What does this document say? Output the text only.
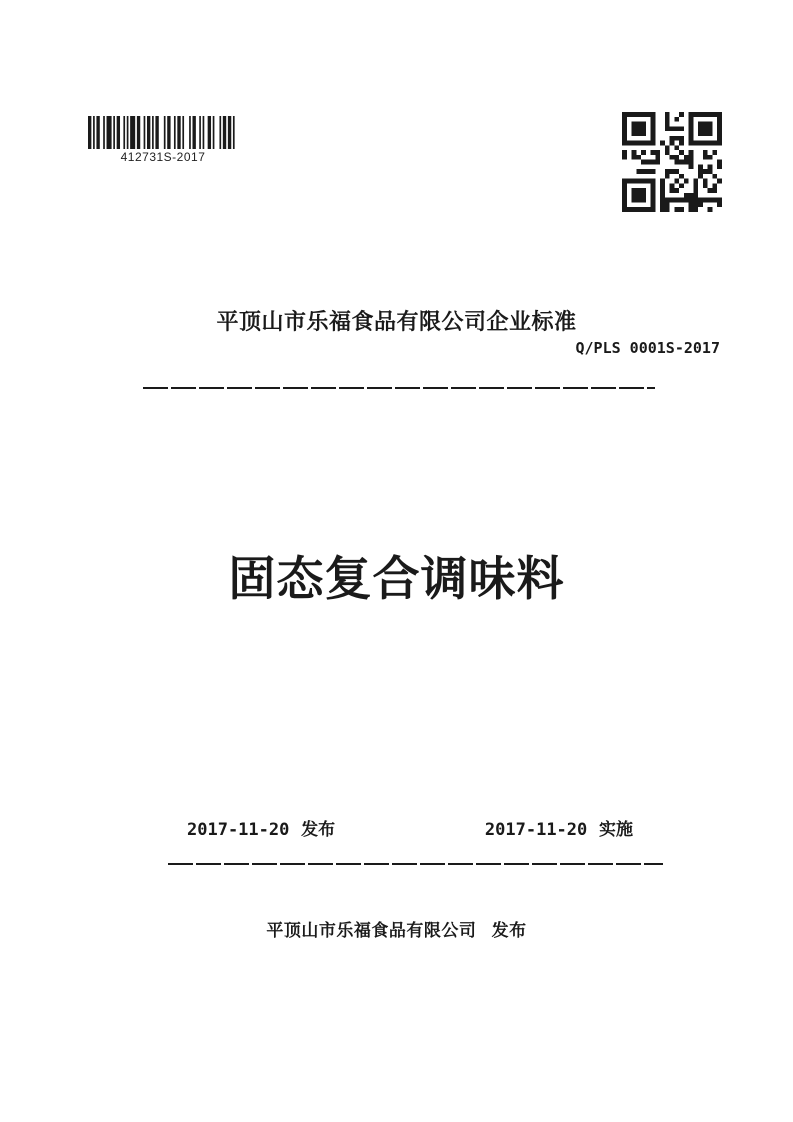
412731S-2017
平顶山市乐福食品有限公司企业标准
Q/PLS 0001S-2017
固态复合调味料
2017-11-20 发布	2017-11-20 实施
平顶山市乐福食品有限公司 发布
